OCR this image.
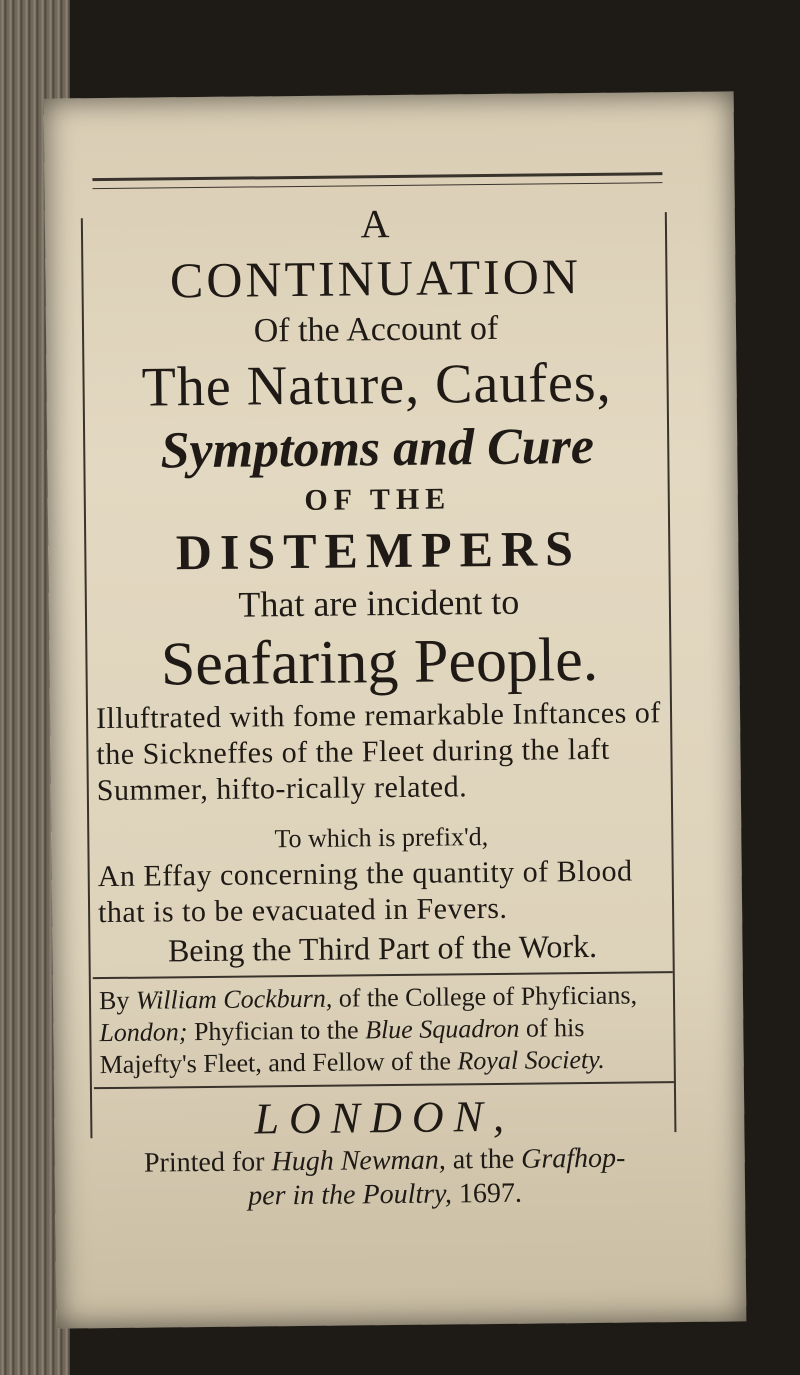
A
CONTINUATION
Of the Account of
The Nature, Caufes,
Symptoms and Cure
OF THE
DISTEMPERS
That are incident to
Seafaring People.
Illuftrated with fome remarkable Inftances of the Sickneffes of the Fleet during the laft Summer, hifto-rically related.
To which is prefix'd,
An Effay concerning the quantity of Blood that is to be evacuated in Fevers.
Being the Third Part of the Work.
By William Cockburn, of the College of Phyficians, London; Phyfician to the Blue Squadron of his Majefty's Fleet, and Fellow of the Royal Society.
LONDON,
Printed for Hugh Newman, at the Grafhop-
per in the Poultry, 1697.
